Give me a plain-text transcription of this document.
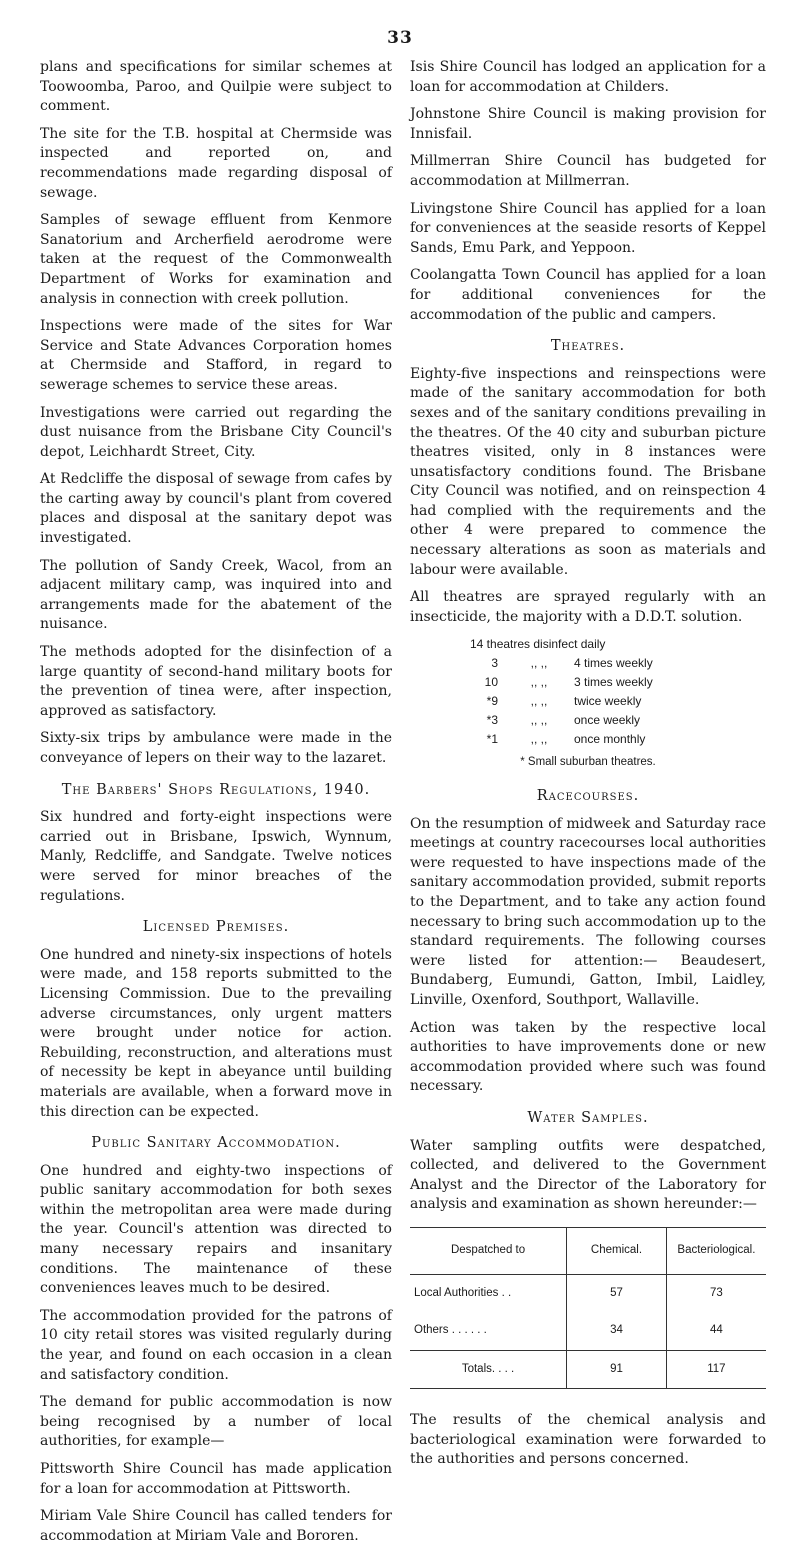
33

plans and specifications for similar schemes at Toowoomba, Paroo, and Quilpie were subject to comment.

The site for the T.B. hospital at Chermside was inspected and reported on, and recommendations made regarding disposal of sewage.

Samples of sewage effluent from Kenmore Sanatorium and Archerfield aerodrome were taken at the request of the Commonwealth Department of Works for examination and analysis in connection with creek pollution.

Inspections were made of the sites for War Service and State Advances Corporation homes at Chermside and Stafford, in regard to sewerage schemes to service these areas.

Investigations were carried out regarding the dust nuisance from the Brisbane City Council's depot, Leichhardt Street, City.

At Redcliffe the disposal of sewage from cafes by the carting away by council's plant from covered places and disposal at the sanitary depot was investigated.

The pollution of Sandy Creek, Wacol, from an adjacent military camp, was inquired into and arrangements made for the abatement of the nuisance.

The methods adopted for the disinfection of a large quantity of second-hand military boots for the prevention of tinea were, after inspection, approved as satisfactory.

Sixty-six trips by ambulance were made in the conveyance of lepers on their way to the lazaret.

The Barbers' Shops Regulations, 1940.

Six hundred and forty-eight inspections were carried out in Brisbane, Ipswich, Wynnum, Manly, Redcliffe, and Sandgate. Twelve notices were served for minor breaches of the regulations.

Licensed Premises.

One hundred and ninety-six inspections of hotels were made, and 158 reports submitted to the Licensing Commission. Due to the prevailing adverse circumstances, only urgent matters were brought under notice for action. Rebuilding, reconstruction, and alterations must of necessity be kept in abeyance until building materials are available, when a forward move in this direction can be expected.

Public Sanitary Accommodation.

One hundred and eighty-two inspections of public sanitary accommodation for both sexes within the metropolitan area were made during the year. Council's attention was directed to many necessary repairs and insanitary conditions. The maintenance of these conveniences leaves much to be desired.

The accommodation provided for the patrons of 10 city retail stores was visited regularly during the year, and found on each occasion in a clean and satisfactory condition.

The demand for public accommodation is now being recognised by a number of local authorities, for example—

Pittsworth Shire Council has made application for a loan for accommodation at Pittsworth.

Miriam Vale Shire Council has called tenders for accommodation at Miriam Vale and Bororen.

Isis Shire Council has lodged an application for a loan for accommodation at Childers.

Johnstone Shire Council is making provision for Innisfail.

Millmerran Shire Council has budgeted for accommodation at Millmerran.

Livingstone Shire Council has applied for a loan for conveniences at the seaside resorts of Keppel Sands, Emu Park, and Yeppoon.

Coolangatta Town Council has applied for a loan for additional conveniences for the accommodation of the public and campers.

Theatres.

Eighty-five inspections and reinspections were made of the sanitary accommodation for both sexes and of the sanitary conditions prevailing in the theatres. Of the 40 city and suburban picture theatres visited, only in 8 instances were unsatisfactory conditions found. The Brisbane City Council was notified, and on reinspection 4 had complied with the requirements and the other 4 were prepared to commence the necessary alterations as soon as materials and labour were available.

All theatres are sprayed regularly with an insecticide, the majority with a D.D.T. solution.

14 theatres disinfect daily
3	,, ,,	4 times weekly
10	,, ,,	3 times weekly
*9	,, ,,	twice weekly
*3	,, ,,	once weekly
*1	,, ,,	once monthly
* Small suburban theatres.
Racecourses.

On the resumption of midweek and Saturday race meetings at country racecourses local authorities were requested to have inspections made of the sanitary accommodation provided, submit reports to the Department, and to take any action found necessary to bring such accommodation up to the standard requirements. The following courses were listed for attention:— Beaudesert, Bundaberg, Eumundi, Gatton, Imbil, Laidley, Linville, Oxenford, Southport, Wallaville.

Action was taken by the respective local authorities to have improvements done or new accommodation provided where such was found necessary.

Water Samples.

Water sampling outfits were despatched, collected, and delivered to the Government Analyst and the Director of the Laboratory for analysis and examination as shown hereunder:—

Despatched to	Chemical.	Bacteriological.
Local Authorities . .	57	73
Others . . . . . .	34	44
Totals. . . .	91	117

The results of the chemical analysis and bacteriological examination were forwarded to the authorities and persons concerned.
